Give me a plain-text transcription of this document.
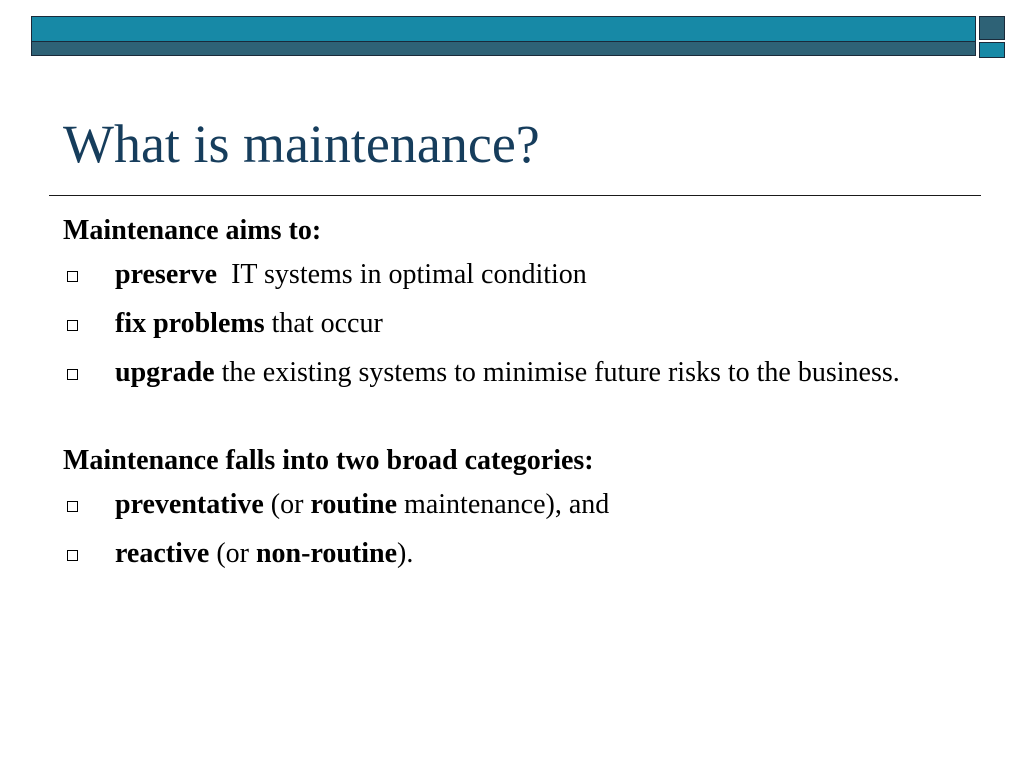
What is maintenance?

Maintenance aims to:

preserve  IT systems in optimal condition
fix problems that occur
upgrade the existing systems to minimise future risks to the business.

Maintenance falls into two broad categories:

preventative (or routine maintenance), and
reactive (or non-routine).
